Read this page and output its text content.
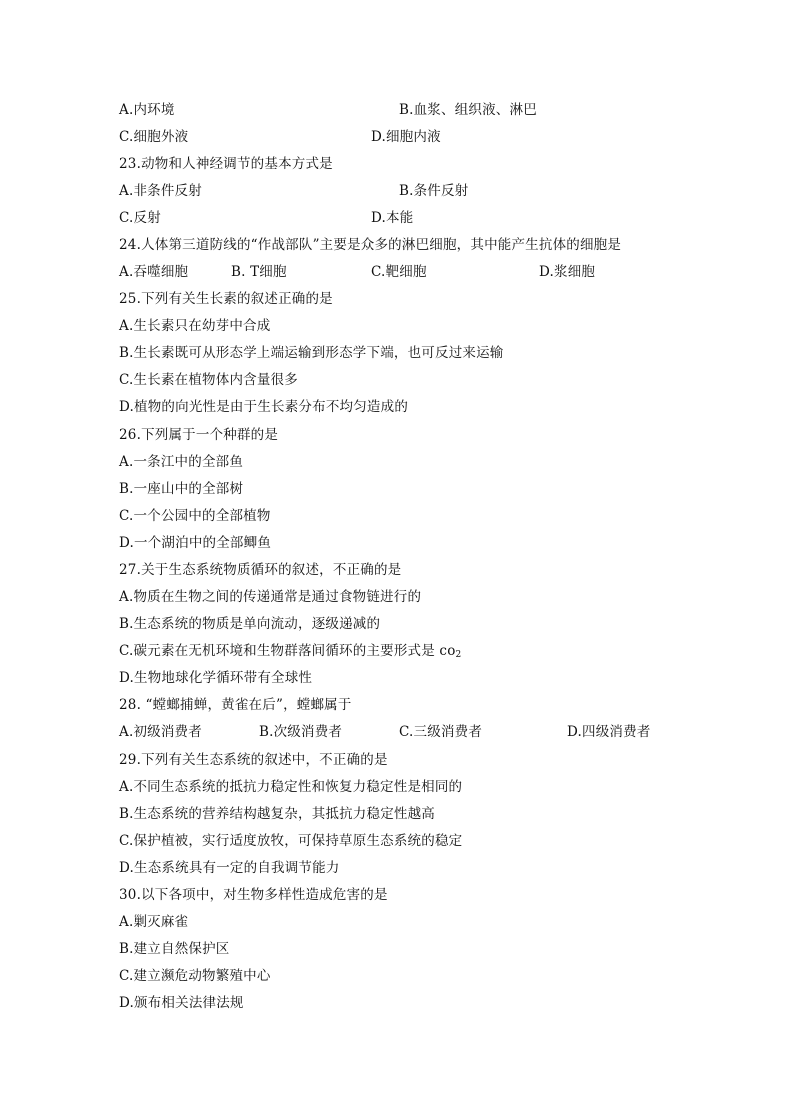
A.内环境	B.血浆、组织液、淋巴
C.细胞外液	D.细胞内液
23.动物和人神经调节的基本方式是
A.非条件反射	B.条件反射
C.反射	D.本能
24.人体第三道防线的“作战部队”主要是众多的淋巴细胞，其中能产生抗体的细胞是
A.吞噬细胞	B. T细胞	C.靶细胞	D.浆细胞
25.下列有关生长素的叙述正确的是
A.生长素只在幼芽中合成
B.生长素既可从形态学上端运输到形态学下端，也可反过来运输
C.生长素在植物体内含量很多
D.植物的向光性是由于生长素分布不均匀造成的
26.下列属于一个种群的是
A.一条江中的全部鱼
B.一座山中的全部树
C.一个公园中的全部植物
D.一个湖泊中的全部鲫鱼
27.关于生态系统物质循环的叙述，不正确的是
A.物质在生物之间的传递通常是通过食物链进行的
B.生态系统的物质是单向流动，逐级递减的
C.碳元素在无机环境和生物群落间循环的主要形式是 $co_2$
D.生物地球化学循环带有全球性
28. “螳螂捕蝉，黄雀在后”，螳螂属于
A.初级消费者	B.次级消费者	C.三级消费者	D.四级消费者
29.下列有关生态系统的叙述中，不正确的是
A.不同生态系统的抵抗力稳定性和恢复力稳定性是相同的
B.生态系统的营养结构越复杂，其抵抗力稳定性越高
C.保护植被，实行适度放牧，可保持草原生态系统的稳定
D.生态系统具有一定的自我调节能力
30.以下各项中，对生物多样性造成危害的是
A.剿灭麻雀
B.建立自然保护区
C.建立濒危动物繁殖中心
D.颁布相关法律法规
